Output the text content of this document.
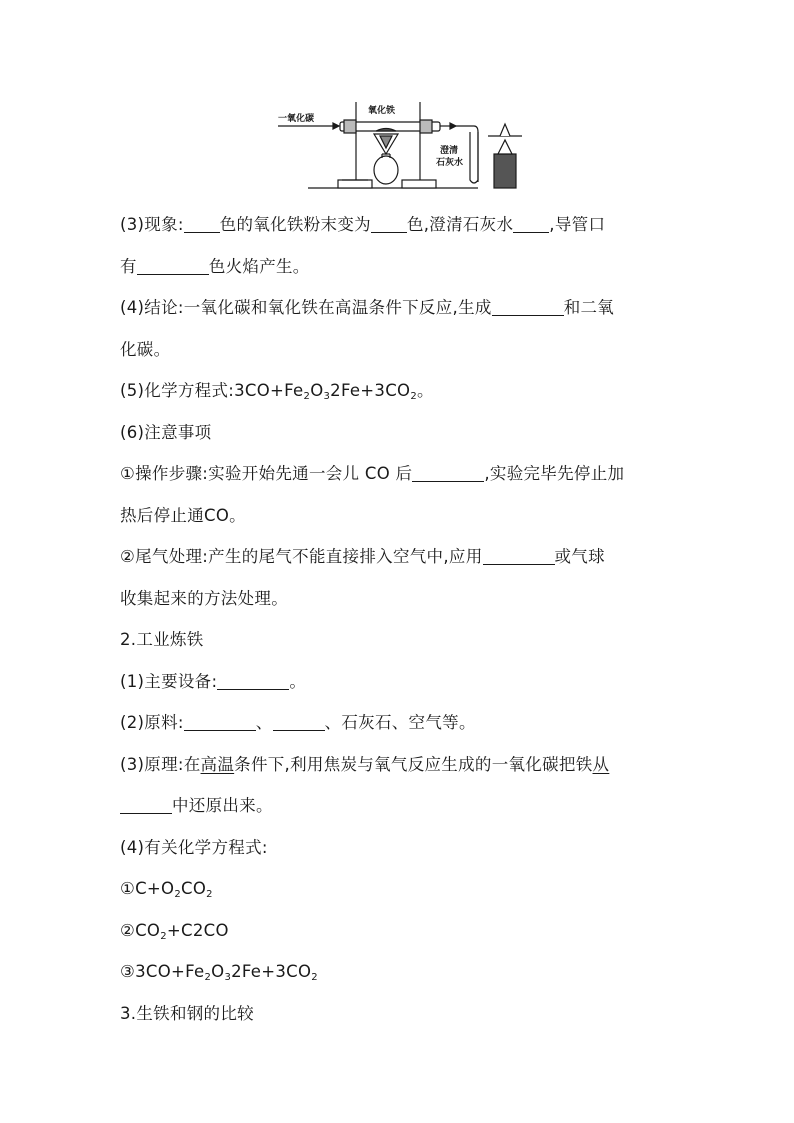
一氧化碳
氧化铁
澄清
石灰水
(3)现象: 色的氧化铁粉末变为 色,澄清石灰水 ,导管口
有	色火焰产生。
(4)结论:一氧化碳和氧化铁在高温条件下反应,生成	和二氧
化碳。
(5)化学方程式$:3CO+Fe_2O_32Fe+3CO_2$。
(6)注意事项
①操作步骤:实验开始先通一会儿 CO 后	,实验完毕先停止加
热后停止通CO。
②尾气处理:产生的尾气不能直接排入空气中,应用	或气球
收集起来的方法处理。
2.工业炼铁
(1)主要设备:	。
(2)原料:	、	、石灰石、空气等。
(3)原理:在高温条件下,利用焦炭与氧气反应生成的一氧化碳把铁从
中还原出来。
(4)有关化学方程式:
$①C+O_2CO_2$
$②CO_2+C2CO$
$③3CO+Fe_2O_32Fe+3CO_2$
3.生铁和钢的比较
